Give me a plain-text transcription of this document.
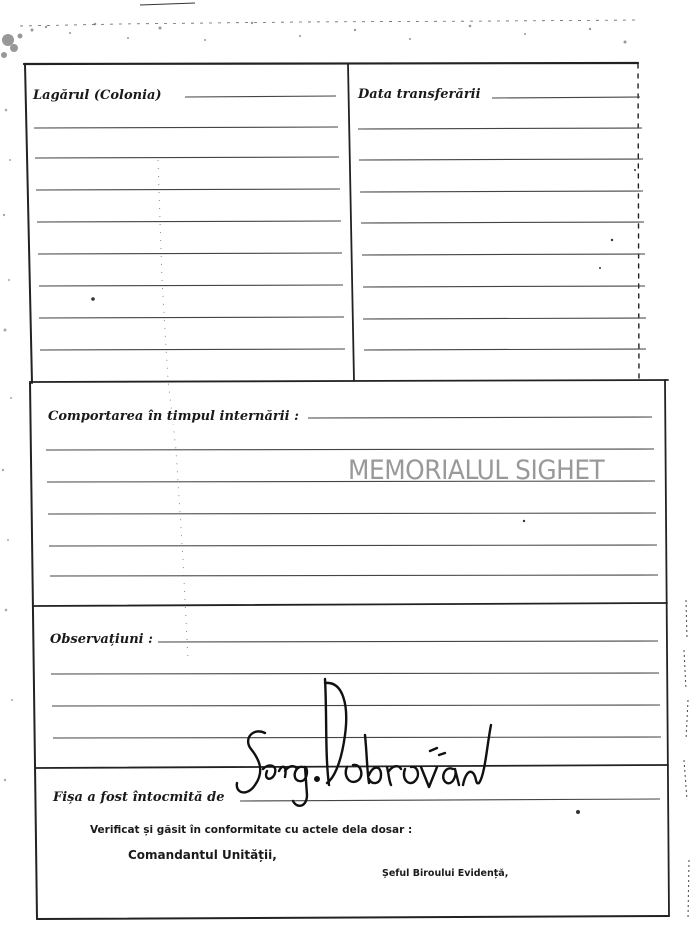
Lagărul (Colonia)	Data transferării
Comportarea în timpul internării :
Observațiuni :
Fișa a fost întocmită de
Verificat și găsit în conformitate cu actele dela dosar :
Comandantul Unității,
Șeful Biroului Evidență,
MEMORIALUL SIGHET
